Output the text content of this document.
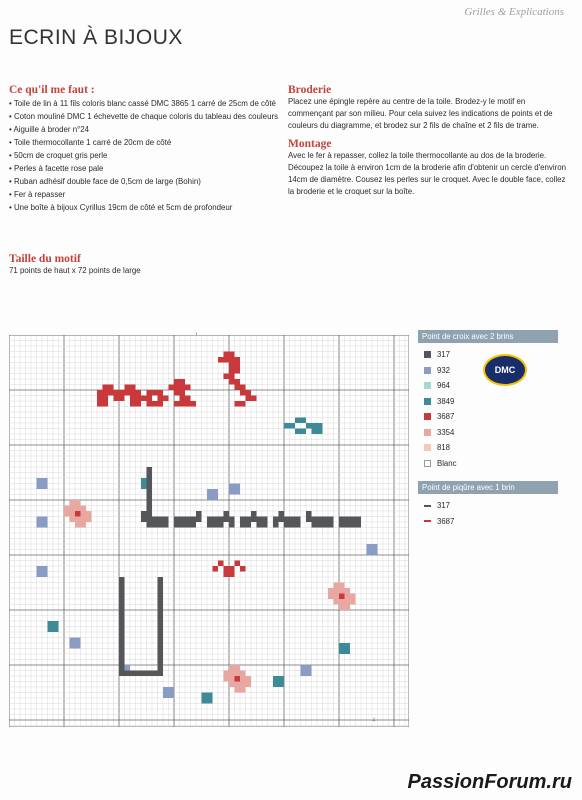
Grilles & Explications
ECRIN À BIJOUX
Ce qu'il me faut :
• Toile de lin à 11 fils coloris blanc cassé DMC 3865 1 carré de 25cm de côté
• Coton mouliné DMC 1 échevette de chaque coloris du tableau des couleurs
• Aiguille à broder n°24
• Toile thermocollante 1 carré de 20cm de côté
• 50cm de croquet gris perle
• Perles à facette rose pale
• Ruban adhésif double face de 0,5cm de large (Bohin)
• Fer à repasser
• Une boîte à bijoux Cyrillus 19cm de côté et 5cm de profondeur
Taille du motif
71 points de haut x 72 points de large
Broderie

Placez une épingle repère au centre de la toile. Brodez-y le motif en commençant par son milieu. Pour cela suivez les indications de points et de couleurs du diagramme, et brodez sur 2 fils de chaîne et 2 fils de trame.

Montage

Avec le fer à repasser, collez la toile thermocollante au dos de la broderie. Découpez la toile à environ 1cm de la broderie afin d'obtenir un cercle d'environ 14cm de diamètre. Cousez les perles sur le croquet. Avec le double face, collez la broderie et le croquet sur la boîte.

4
Point de croix avec 2 brins
317
932
964
3849
3687
3354
818
Blanc
Point de piqûre avec 1 brin
317
3687
DMC
PassionForum.ru
